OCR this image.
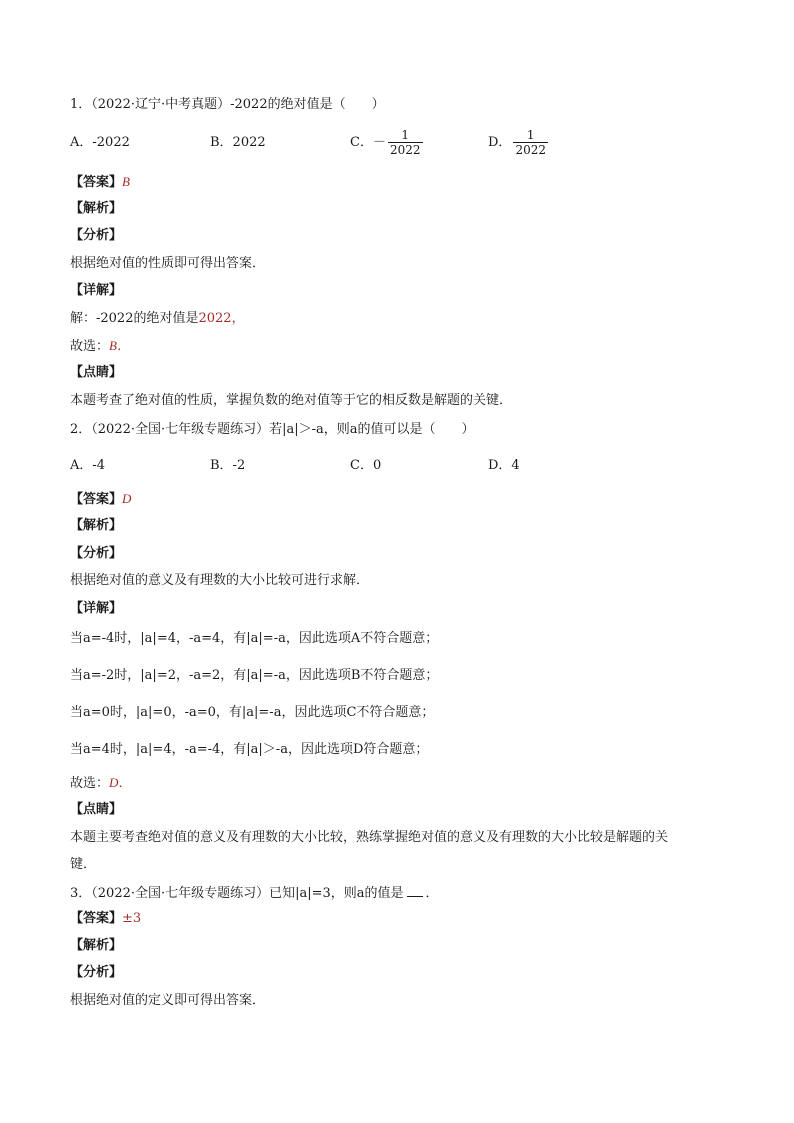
1．（2022·辽宁·中考真题）-2022的绝对值是（　　）
A．-2022	B．2022	C．－ $\frac{1}{2022}$	D． $\frac{1}{2022}$
【答案】B
【解析】
【分析】
根据绝对值的性质即可得出答案．
【详解】
解：-2022的绝对值是2022，
故选：B．
【点睛】
本题考查了绝对值的性质，掌握负数的绝对值等于它的相反数是解题的关键．
2．（2022·全国·七年级专题练习）若|a|＞-a，则a的值可以是（　　）
A．-4	B．-2	C．0	D．4
【答案】D
【解析】
【分析】
根据绝对值的意义及有理数的大小比较可进行求解．
【详解】
当a=-4时，|a|=4，-a=4，有|a|=-a，因此选项A不符合题意；
当a=-2时，|a|=2，-a=2，有|a|=-a，因此选项B不符合题意；
当a=0时，|a|=0，-a=0，有|a|=-a，因此选项C不符合题意；
当a=4时，|a|=4，-a=-4，有|a|＞-a，因此选项D符合题意；
故选：D．
【点睛】
本题主要考查绝对值的意义及有理数的大小比较，熟练掌握绝对值的意义及有理数的大小比较是解题的关
键．
3．（2022·全国·七年级专题练习）已知|a|=3，则a的值是 ．
【答案】±3
【解析】
【分析】
根据绝对值的定义即可得出答案．
